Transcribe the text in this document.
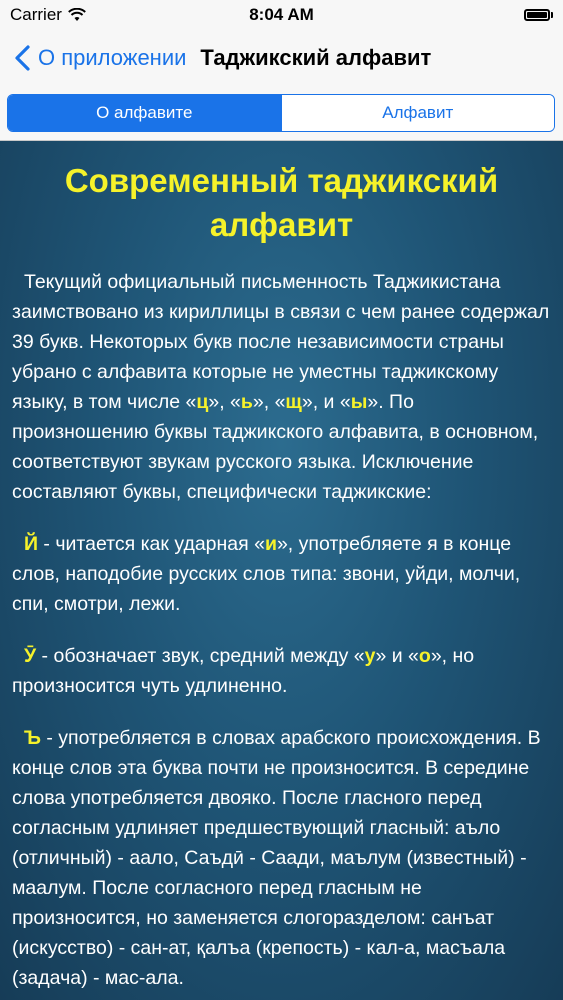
Carrier	8:04 AM
О приложении Таджикский алфавит
О алфавите	Алфавит
Современный таджикский алфавит

Текущий официальный письменность Таджикистана заимствовано из кириллицы в связи с чем ранее содержал 39 букв. Некоторых букв после независимости страны убрано с алфавита которые не уместны таджикскому языку, в том числе «ц», «ь», «щ», и «ы». По произношению буквы таджикского алфавита, в основном, соответствуют звукам русского языка. Исключение составляют буквы, специфически таджикские:

Й - читается как ударная «и», употребляете я в конце слов, наподобие русских слов типа: звони, уйди, молчи, спи, смотри, лежи.

Ӯ - обозначает звук, средний между «у» и «о», но произносится чуть удлиненно.

Ъ - употребляется в словах арабского происхождения. В конце слов эта буква почти не произносится. В середине слова употребляется двояко. После гласного перед согласным удлиняет предшествующий гласный: аъло (отличный) - аало, Саъдӣ - Саади, маълум (известный) - маалум. После согласного перед гласным не произносится, но заменяется слогоразделом: санъат (искусство) - сан-ат, қалъа (крепость) - кал-а, масъала (задача) - мас-ала.
